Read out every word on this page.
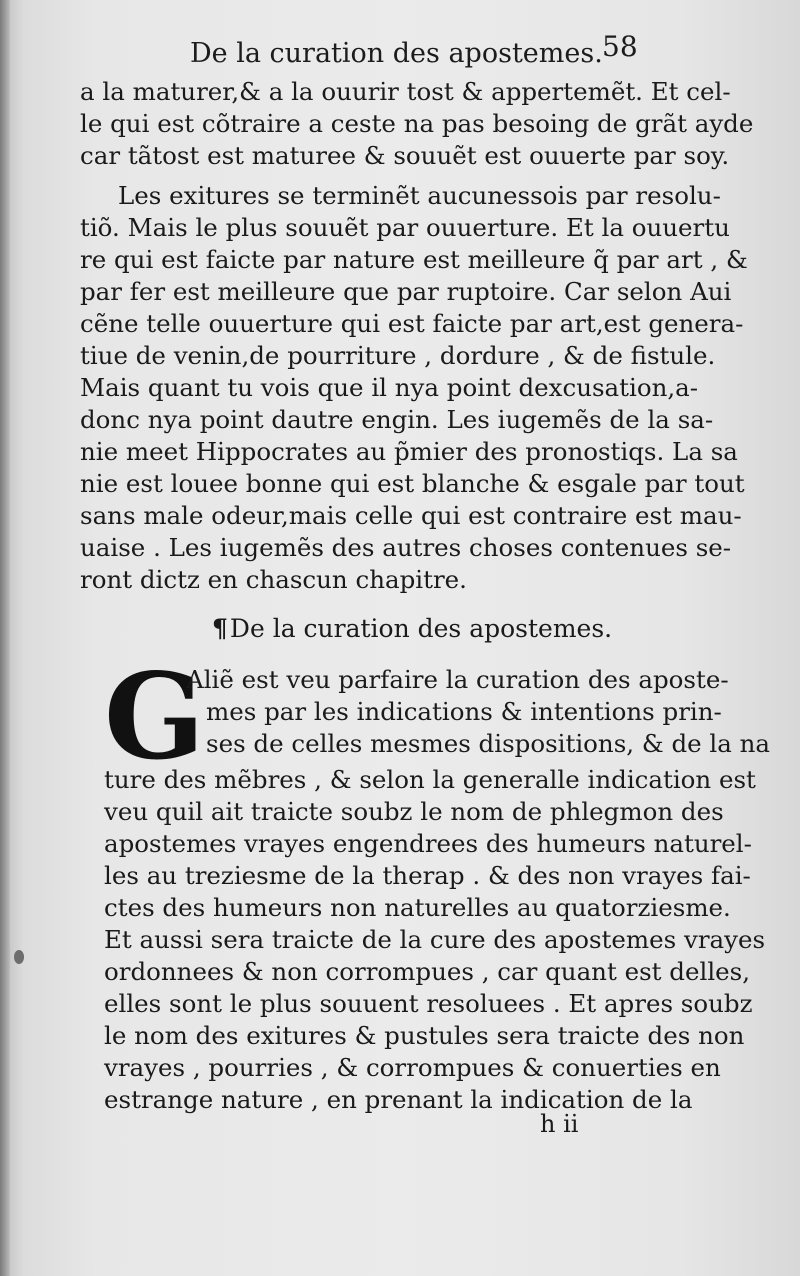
De la curation des apostemes. 58
a la maturer,& a la ouurir tost & appertemẽt. Et cel-
le qui est cõtraire a ceste na pas besoing de grãt ayde
car tãtost est maturee & souuẽt est ouuerte par soy.
Les exitures se terminẽt aucunessois par resolu-
tiõ. Mais le plus souuẽt par ouuerture. Et la ouuertu
re qui est faicte par nature est meilleure q̃ par art , &
par fer est meilleure que par ruptoire. Car selon Aui
cẽne telle ouuerture qui est faicte par art,est genera-
tiue de venin,de pourriture , dordure , & de fistule.
Mais quant tu vois que il nya point dexcusation,a-
donc nya point dautre engin. Les iugemẽs de la sa-
nie meet Hippocrates au p̃mier des pronostiqs. La sa
nie est louee bonne qui est blanche & esgale par tout
sans male odeur,mais celle qui est contraire est mau-
uaise . Les iugemẽs des autres choses contenues se-
ront dictz en chascun chapitre.
¶De la curation des apostemes.
G
Aliẽ est veu parfaire la curation des aposte-
mes par les indications & intentions prin-
ses de celles mesmes dispositions, & de la na
ture des mẽbres , & selon la generalle indication est
veu quil ait traicte soubz le nom de phlegmon des
apostemes vrayes engendrees des humeurs naturel-
les au treziesme de la therap . & des non vrayes fai-
ctes des humeurs non naturelles au quatorziesme.
Et aussi sera traicte de la cure des apostemes vrayes
ordonnees & non corrompues , car quant est delles,
elles sont le plus souuent resoluees . Et apres soubz
le nom des exitures & pustules sera traicte des non
vrayes , pourries , & corrompues & conuerties en
estrange nature , en prenant la indication de la
h ii
